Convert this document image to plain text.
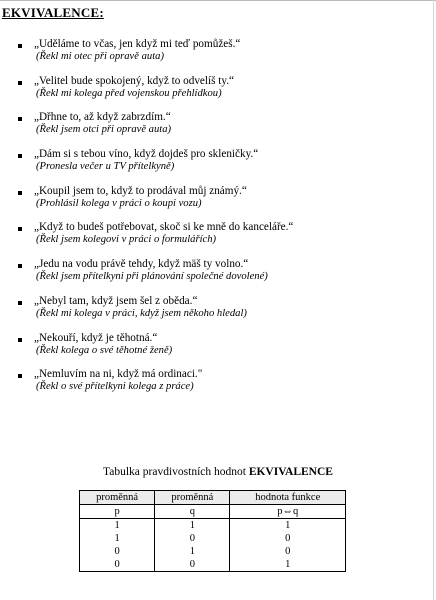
EKVIVALENCE:
„Uděláme to včas, jen když mi teď pomůžeš.“
(Řekl mi otec při opravě auta)
„Velitel bude spokojený, když to odvelíš ty.“
(Řekl mi kolega před vojenskou přehlídkou)
„Dřhne to, až když zabrzdím.“
(Řekl jsem otci při opravě auta)
„Dám si s tebou víno, když dojdeš pro skleničky.“
(Pronesla večer u TV přítelkyně)
„Koupil jsem to, když to prodával můj známý.“
(Prohlásil kolega v práci o koupi vozu)
„Když to budeš potřebovat, skoč si ke mně do kanceláře.“
(Řekl jsem kolegovi v práci o formulářích)
„Jedu na vodu právě tehdy, když mäš ty volno.“
(Řekl jsem přítelkyni při plánování společné dovolené)
„Nebyl tam, když jsem šel z oběda.“
(Řekl mi kolega v práci, když jsem někoho hledal)
„Nekouří, když je těhotná.“
(Řekl kolega o své těhotné ženě)
„Nemluvím na ni, když má ordinaci."
(Řekl o své přítelkyni kolega z práce)
Tabulka pravdivostních hodnot EKVIVALENCE
proměnná	proměnná	hodnota funkce
p	q	p⇔q
1	1	1
1	0	0
0	1	0
0	0	1
